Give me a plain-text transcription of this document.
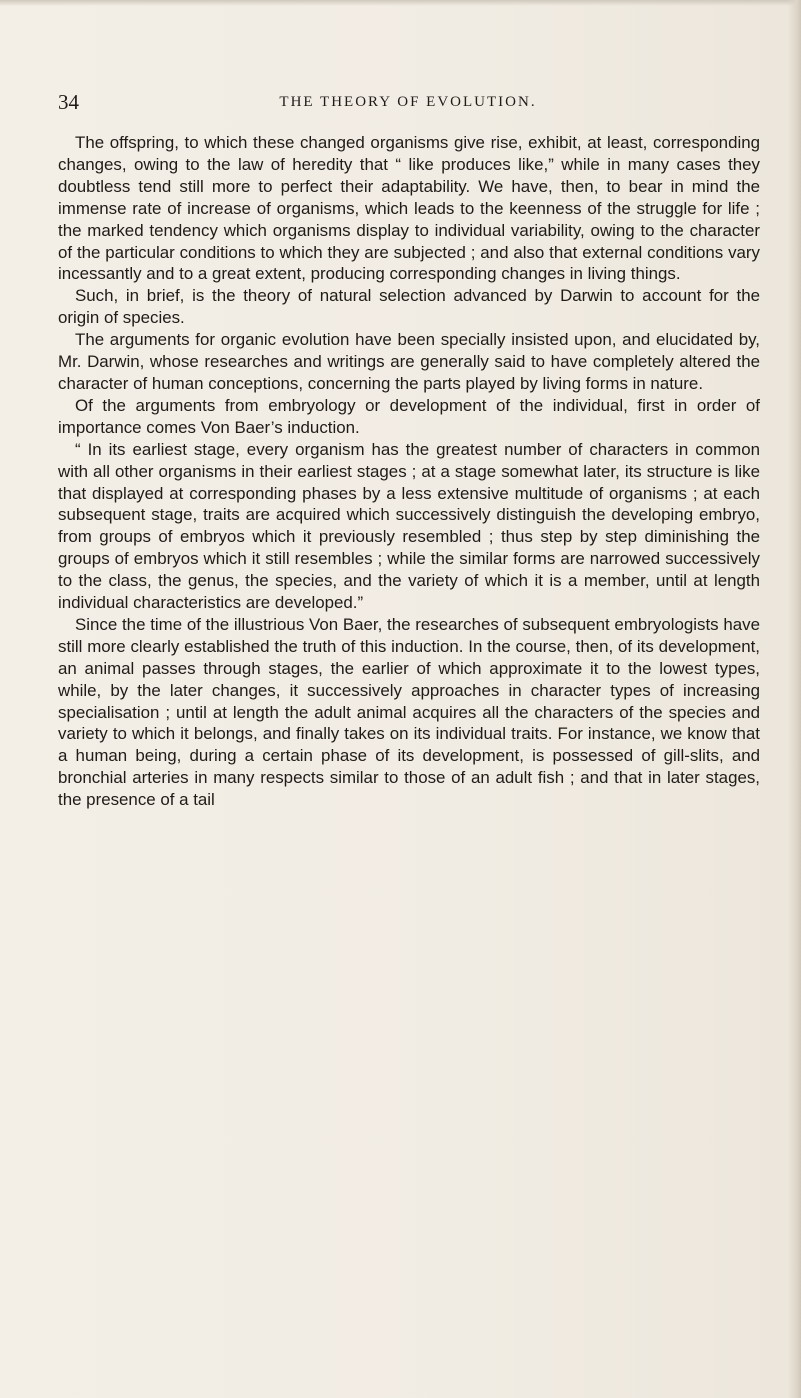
34	THE THEORY OF EVOLUTION.

The offspring, to which these changed organisms give rise, exhibit, at least, corresponding changes, owing to the law of heredity that “ like produces like,” while in many cases they doubtless tend still more to perfect their adaptability. We have, then, to bear in mind the immense rate of increase of organisms, which leads to the keenness of the struggle for life ; the marked tendency which organisms display to individual variability, owing to the character of the particular conditions to which they are subjected ; and also that external conditions vary incessantly and to a great extent, producing corresponding changes in living things.

Such, in brief, is the theory of natural selection advanced by Darwin to account for the origin of species.

The arguments for organic evolution have been specially insisted upon, and elucidated by, Mr. Darwin, whose researches and writings are generally said to have completely altered the character of human conceptions, concerning the parts played by living forms in nature.

Of the arguments from embryology or development of the individual, first in order of importance comes Von Baer’s induction.

“ In its earliest stage, every organism has the greatest number of characters in common with all other organisms in their earliest stages ; at a stage somewhat later, its structure is like that displayed at corresponding phases by a less extensive multitude of organisms ; at each subsequent stage, traits are acquired which successively distinguish the developing embryo, from groups of embryos which it previously resembled ; thus step by step diminishing the groups of embryos which it still resembles ; while the similar forms are narrowed successively to the class, the genus, the species, and the variety of which it is a member, until at length individual characteristics are developed.”

Since the time of the illustrious Von Baer, the researches of subsequent embryologists have still more clearly established the truth of this induction. In the course, then, of its development, an animal passes through stages, the earlier of which approximate it to the lowest types, while, by the later changes, it successively approaches in character types of increasing specialisation ; until at length the adult animal acquires all the characters of the species and variety to which it belongs, and finally takes on its individual traits. For instance, we know that a human being, during a certain phase of its development, is possessed of gill-slits, and bronchial arteries in many respects similar to those of an adult fish ; and that in later stages, the presence of a tail
